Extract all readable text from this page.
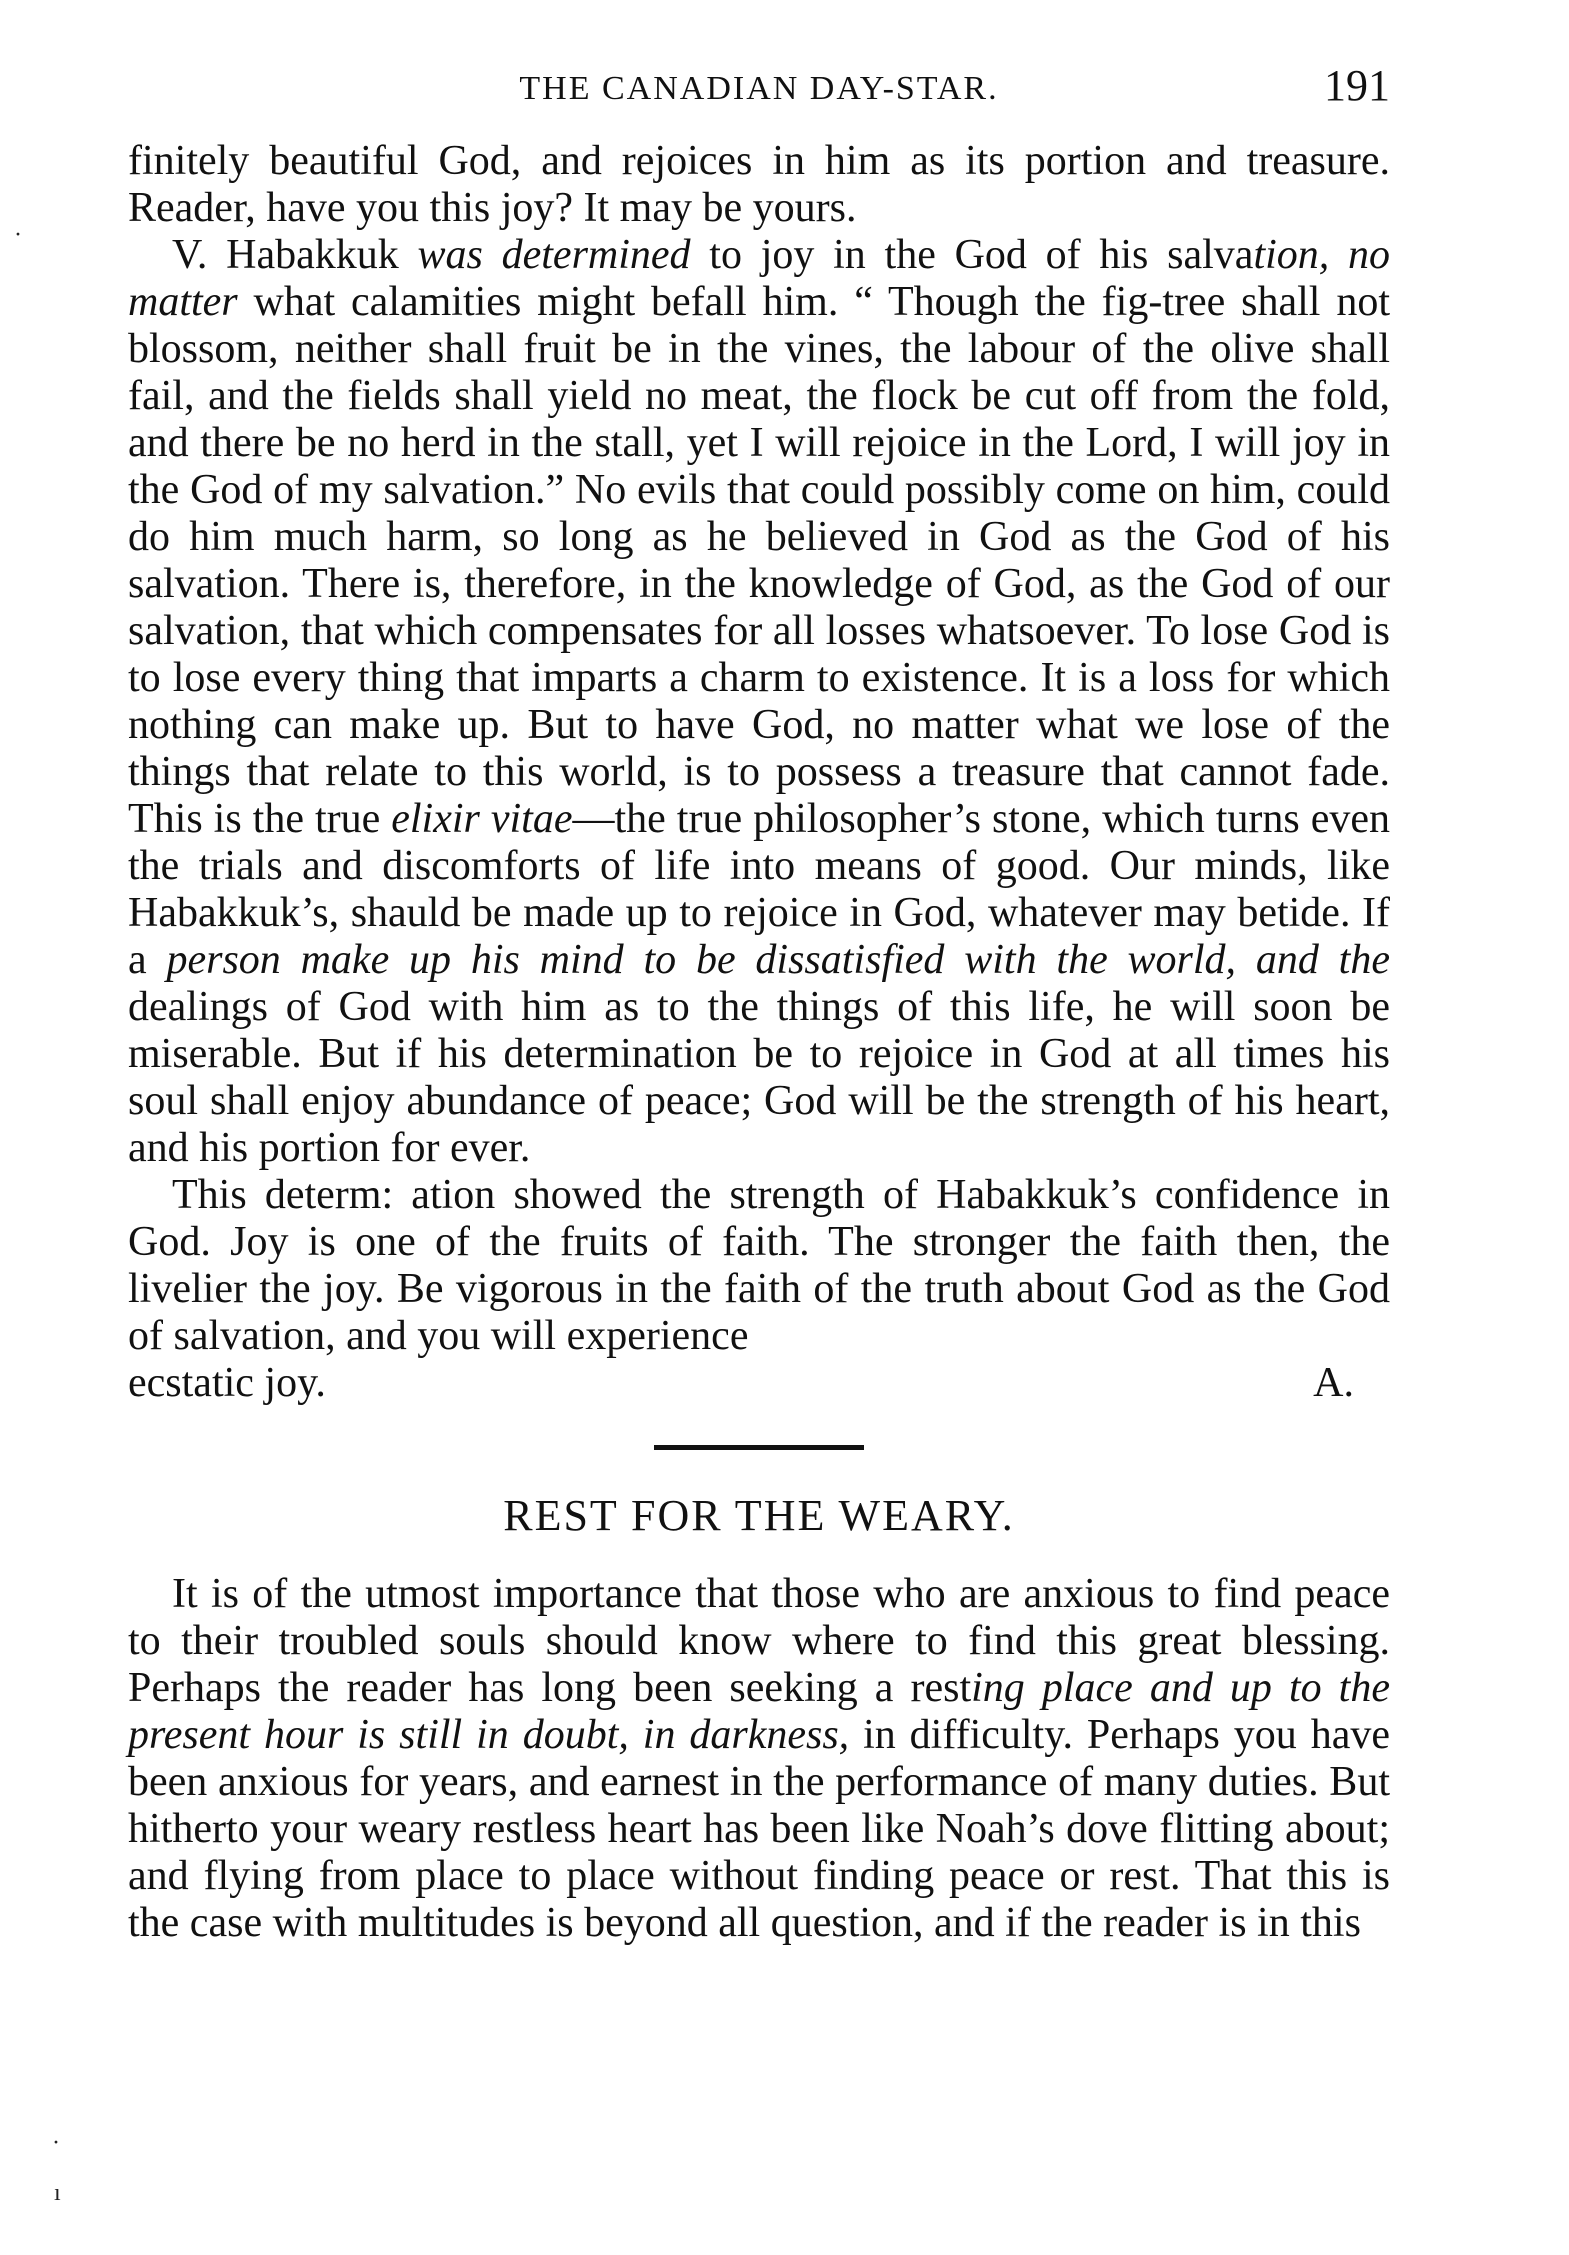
THE CANADIAN DAY-STAR.	191

finitely beautiful God, and rejoices in him as its portion and treasure. Reader, have you this joy? It may be yours.

V. Habakkuk was determined to joy in the God of his salvation, no matter what calamities might befall him. “ Though the fig-tree shall not blossom, neither shall fruit be in the vines, the labour of the olive shall fail, and the fields shall yield no meat, the flock be cut off from the fold, and there be no herd in the stall, yet I will rejoice in the Lord, I will joy in the God of my salvation.” No evils that could possibly come on him, could do him much harm, so long as he believed in God as the God of his salvation. There is, therefore, in the knowledge of God, as the God of our salvation, that which compensates for all losses whatsoever. To lose God is to lose every thing that imparts a charm to existence. It is a loss for which nothing can make up. But to have God, no matter what we lose of the things that relate to this world, is to possess a treasure that cannot fade. This is the true elixir vitae—the true philosopher’s stone, which turns even the trials and discomforts of life into means of good. Our minds, like Habakkuk’s, shauld be made up to rejoice in God, whatever may betide. If a person make up his mind to be dissatisfied with the world, and the dealings of God with him as to the things of this life, he will soon be miserable. But if his determination be to rejoice in God at all times his soul shall enjoy abundance of peace; God will be the strength of his heart, and his portion for ever.

This determ: ation showed the strength of Habakkuk’s confidence in God. Joy is one of the fruits of faith. The stronger the faith then, the livelier the joy. Be vigorous in the faith of the truth about God as the God of salvation, and you will experience

ecstatic joy.	A.
REST FOR THE WEARY.

It is of the utmost importance that those who are anxious to find peace to their troubled souls should know where to find this great blessing. Perhaps the reader has long been seeking a resting place and up to the present hour is still in doubt, in darkness, in difficulty. Perhaps you have been anxious for years, and earnest in the performance of many duties. But hitherto your weary restless heart has been like Noah’s dove flitting about; and flying from place to place without finding peace or rest. That this is the case with multitudes is beyond all question, and if the reader is in this

·
·
ı
